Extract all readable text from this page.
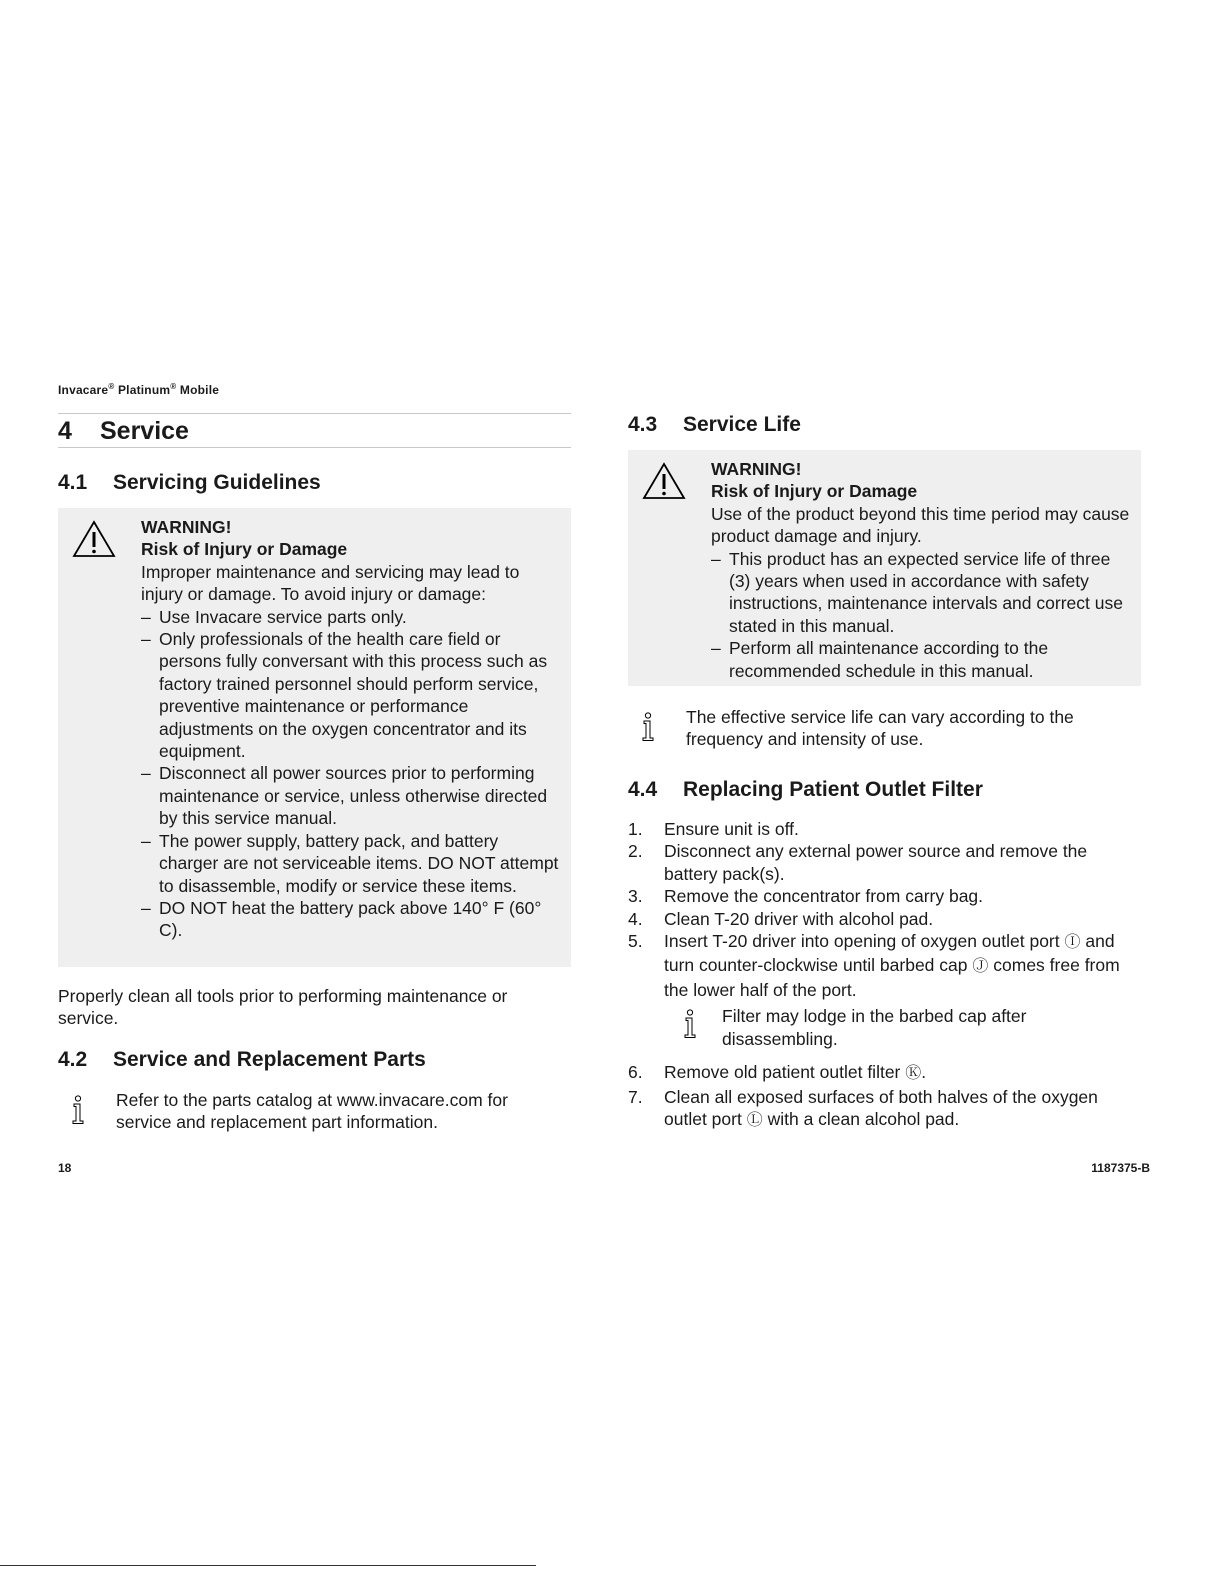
Invacare® Platinum® Mobile
4 Service
4.1 Servicing Guidelines
WARNING!
Risk of Injury or Damage
Improper maintenance and servicing may lead to injury or damage. To avoid injury or damage:
– Use Invacare service parts only.
– Only professionals of the health care field or persons fully conversant with this process such as factory trained personnel should perform service, preventive maintenance or performance adjustments on the oxygen concentrator and its equipment.
– Disconnect all power sources prior to performing maintenance or service, unless otherwise directed by this service manual.
– The power supply, battery pack, and battery charger are not serviceable items. DO NOT attempt to disassemble, modify or service these items.
– DO NOT heat the battery pack above 140° F (60° C).
Properly clean all tools prior to performing maintenance or service.
4.2 Service and Replacement Parts
Refer to the parts catalog at www.invacare.com for service and replacement part information.
4.3 Service Life
WARNING!
Risk of Injury or Damage
Use of the product beyond this time period may cause product damage and injury.
– This product has an expected service life of three (3) years when used in accordance with safety instructions, maintenance intervals and correct use stated in this manual.
– Perform all maintenance according to the recommended schedule in this manual.
The effective service life can vary according to the frequency and intensity of use.
4.4 Replacing Patient Outlet Filter
1. Ensure unit is off.
2. Disconnect any external power source and remove the battery pack(s).
3. Remove the concentrator from carry bag.
4. Clean T-20 driver with alcohol pad.
5. Insert T-20 driver into opening of oxygen outlet port Ⓘ and turn counter-clockwise until barbed cap Ⓙ comes free from the lower half of the port.
Filter may lodge in the barbed cap after disassembling.
6. Remove old patient outlet filter Ⓚ.
7. Clean all exposed surfaces of both halves of the oxygen outlet port Ⓛ with a clean alcohol pad.
18	1187375-B
